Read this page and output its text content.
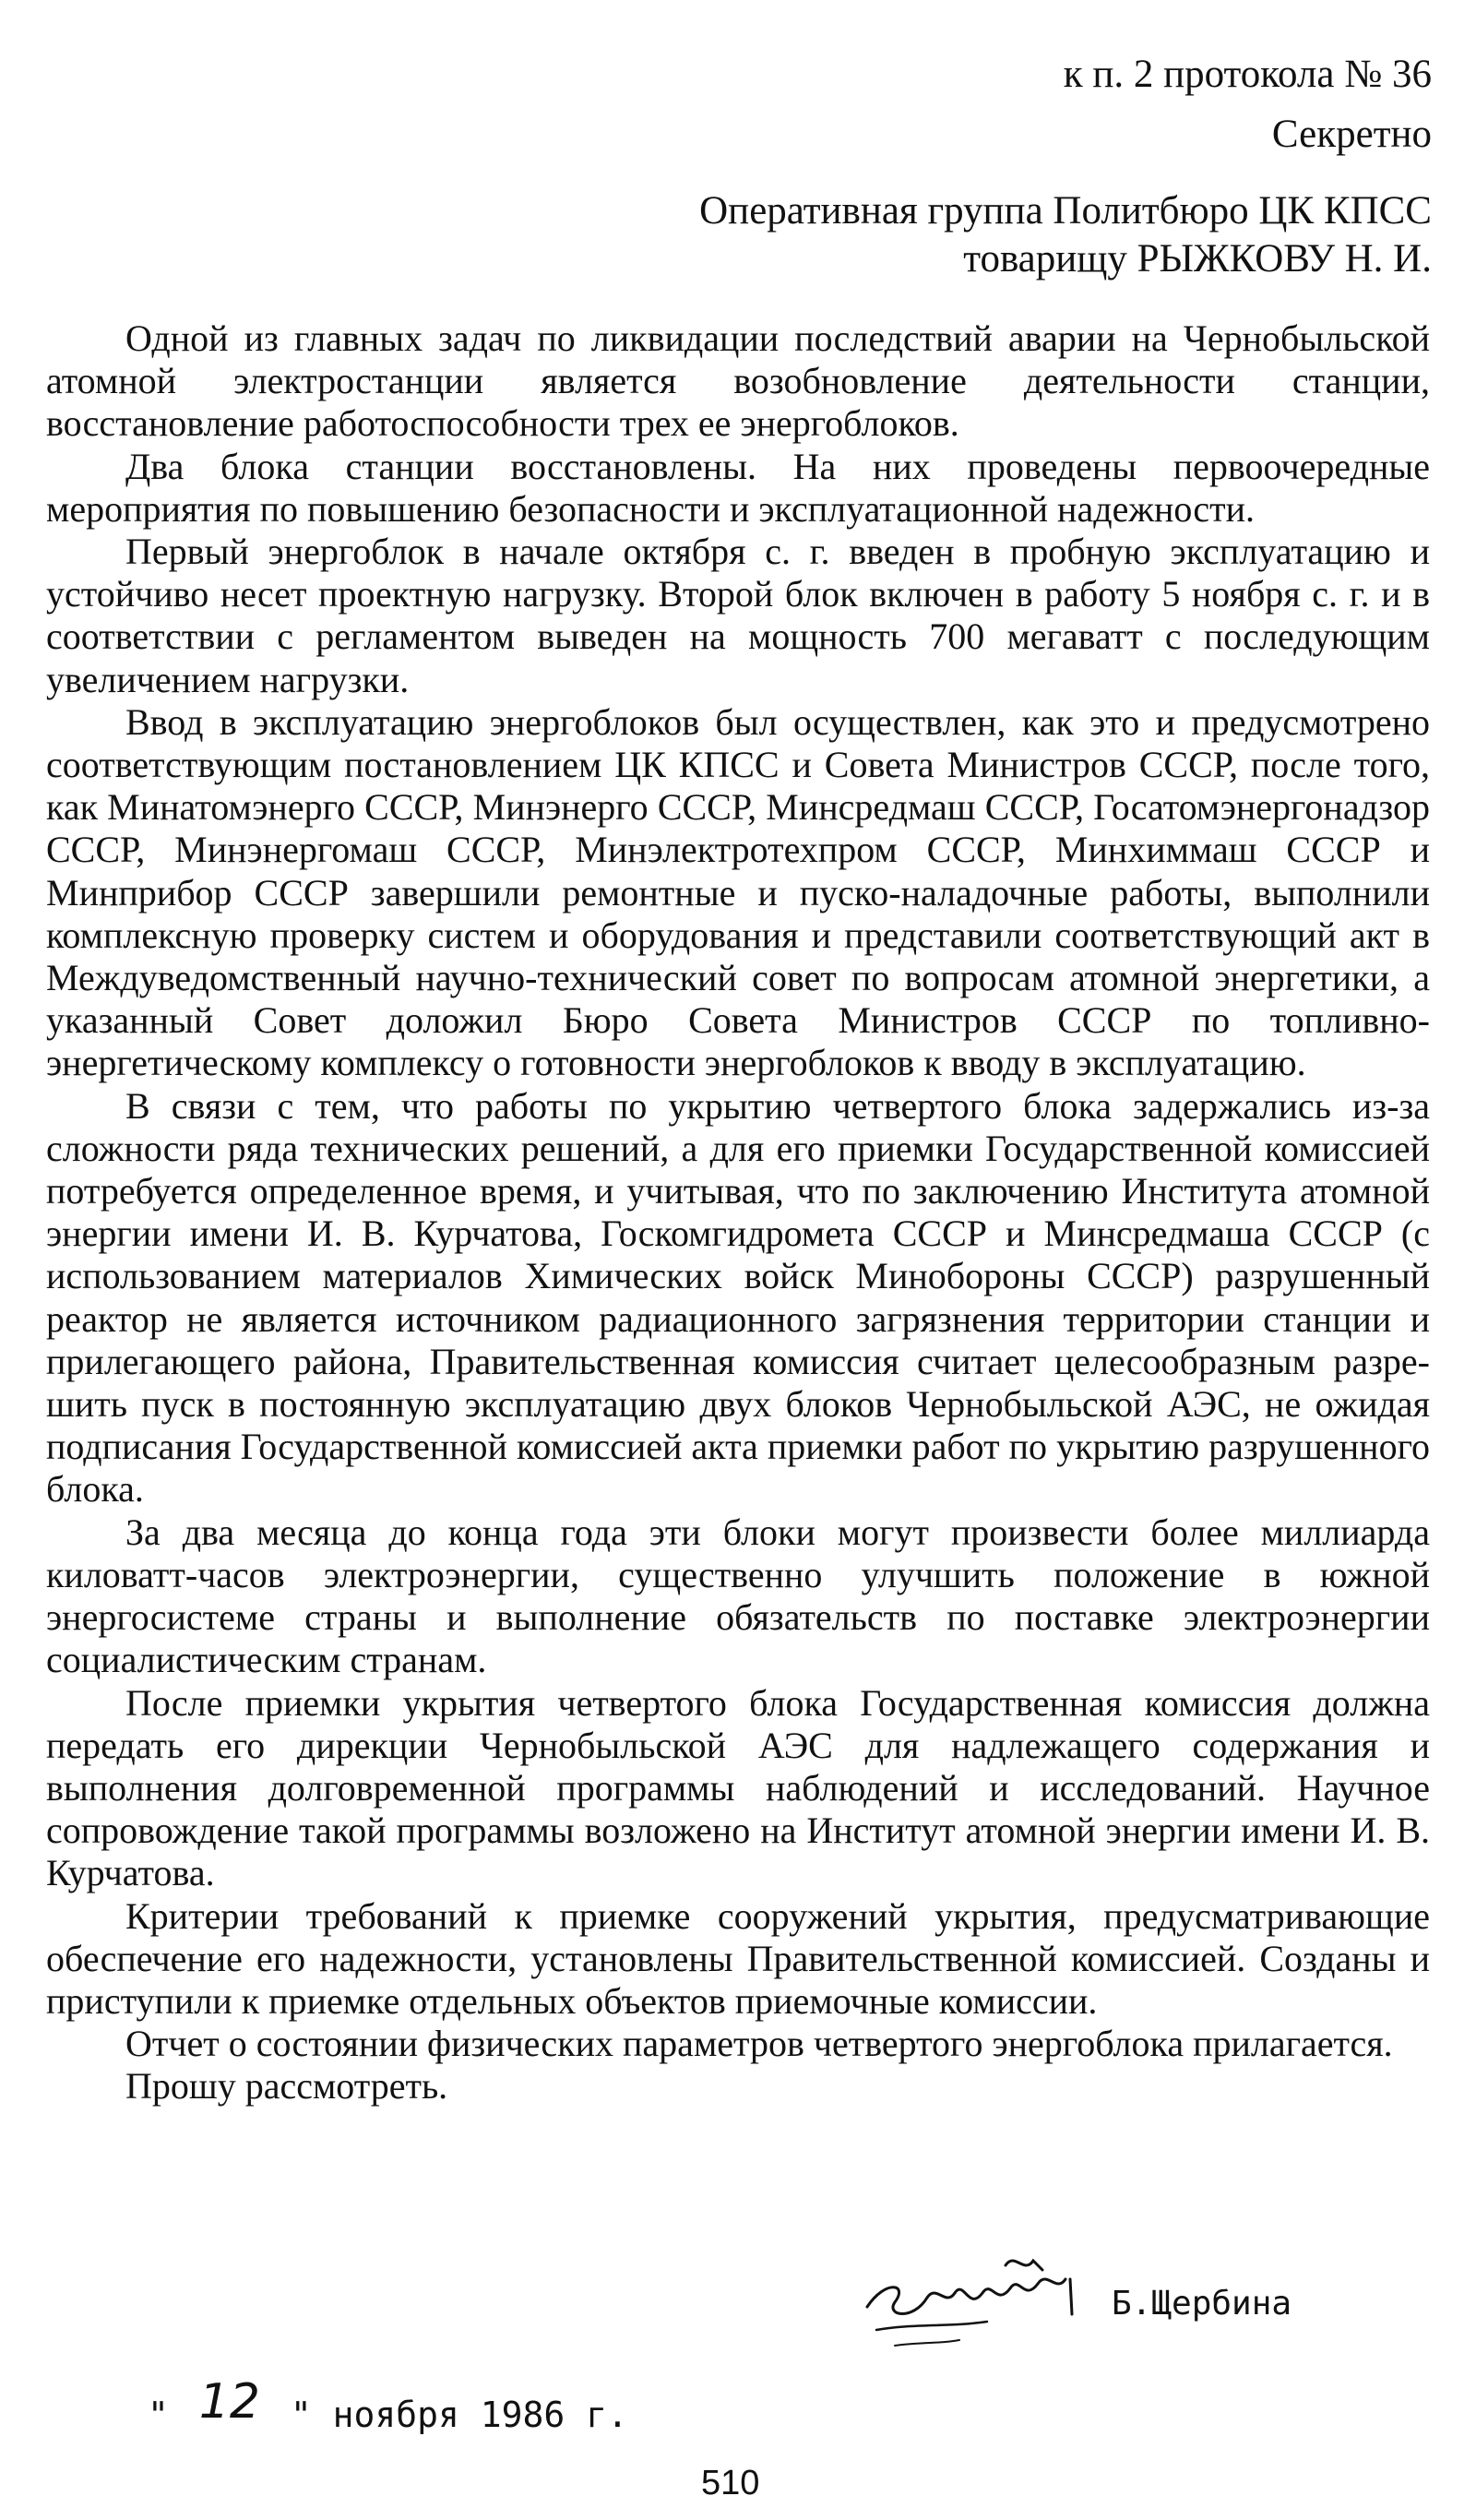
к п. 2 протокола № 36
Секретно
Оперативная группа Политбюро ЦК КПСС
товарищу РЫЖКОВУ Н. И.

Одной из главных задач по ликвидации последствий аварии на Чернобыльской атомной электростанции является возобновление деятельности станции, восстановление работоспособности трех ее энергоблоков.

Два блока станции восстановлены. На них проведены первоочередные мероприятия по повышению безопасности и эксплуатационной надежности.

Первый энергоблок в начале октября с. г. введен в пробную эксплуатацию и устойчиво несет проектную нагрузку. Второй блок включен в работу 5 ноября с. г. и в соответствии с регламентом выведен на мощность 700 мегаватт с последующим увеличением нагрузки.

Ввод в эксплуатацию энергоблоков был осуществлен, как это и предусмотрено соответствующим постановлением ЦК КПСС и Совета Министров СССР, после того, как Минатомэнерго СССР, Минэнерго СССР, Минсредмаш СССР, Госатомэнергонадзор СССР, Минэнергомаш СССР, Минэлектротехпром СССР, Минхиммаш СССР и Минприбор СССР завершили ремонтные и пуско-наладочные работы, выполнили комплексную проверку систем и оборудования и представили соответствующий акт в Междуведомственный научно-технический совет по вопросам атомной энергетики, а указанный Совет доложил Бюро Совета Министров СССР по топливно-энергетическому комплексу о готовности энергоблоков к вводу в эксплуатацию.

В связи с тем, что работы по укрытию четвертого блока задержались из-за сложности ряда технических решений, а для его приемки Государственной комиссией потребуется определенное время, и учитывая, что по заключению Института атомной энергии имени И. В. Курчатова, Госкомгидромета СССР и Минсредмаша СССР (с использованием материалов Химических войск Минобороны СССР) разрушенный реактор не является источником радиационного загрязнения территории станции и прилегающего района, Правительственная комиссия считает целесообразным разрешить пуск в постоянную эксплуатацию двух блоков Чернобыльской АЭС, не ожидая подписания Государственной комиссией акта приемки работ по укрытию разрушенного блока.

За два месяца до конца года эти блоки могут произвести более миллиарда киловатт-часов электроэнергии, существенно улучшить положение в южной энергосистеме страны и выполнение обязательств по поставке электроэнергии социалистическим странам.

После приемки укрытия четвертого блока Государственная комиссия должна передать его дирекции Чернобыльской АЭС для надлежащего содержания и выполнения долговременной программы наблюдений и исследований. Научное сопровождение такой программы возложено на Институт атомной энергии имени И. В. Курчатова.

Критерии требований к приемке сооружений укрытия, предусматривающие обеспечение его надежности, установлены Правительственной комиссией. Созданы и приступили к приемке отдельных объектов приемочные комиссии.

Отчет о состоянии физических параметров четвертого энергоблока прилагается.

Прошу рассмотреть.

Б.Щербина
" 12 " ноября 1986 г.
510
